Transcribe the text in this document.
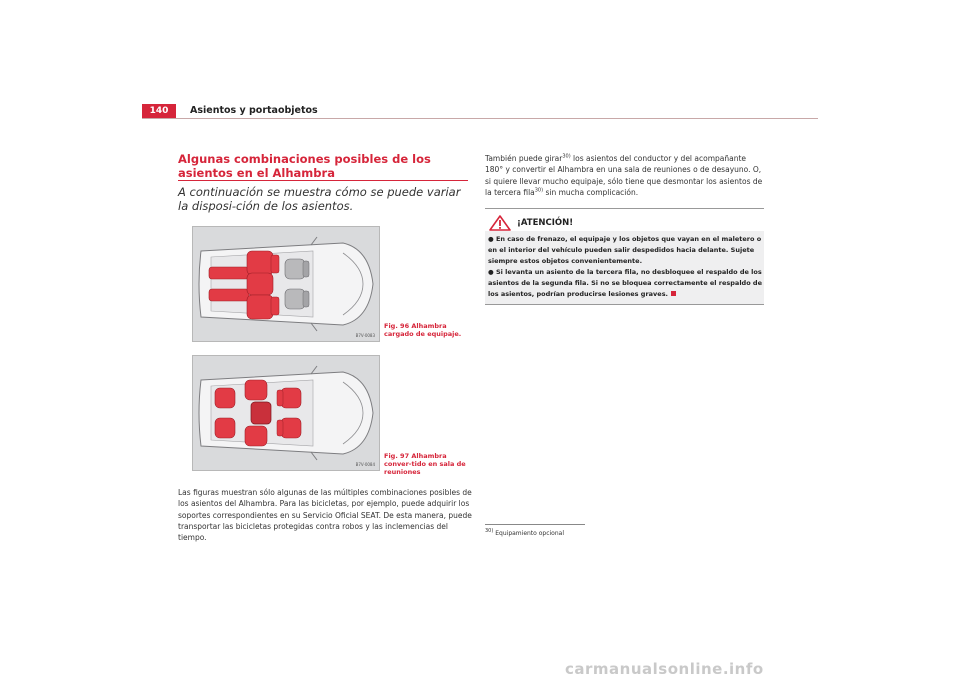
140	Asientos y portaobjetos
Algunas combinaciones posibles de los asientos en el Alhambra
A continuación se muestra cómo se puede variar la disposi-ción de los asientos.
B7V-0083
Fig. 96 Alhambra cargado de equipaje.
B7V-0084
Fig. 97 Alhambra conver-tido en sala de reuniones

Las figuras muestran sólo algunas de las múltiples combinaciones posibles de los asientos del Alhambra. Para las bicicletas, por ejemplo, puede adquirir los soportes correspondientes en su Servicio Oficial SEAT. De esta manera, puede transportar las bicicletas protegidas contra robos y las inclemencias del tiempo.

También puede girar$^{30)}$ los asientos del conductor y del acompañante 180° y convertir el Alhambra en una sala de reuniones o de desayuno. O, si quiere llevar mucho equipaje, sólo tiene que desmontar los asientos de la tercera fila$^{30)}$ sin mucha complicación.

¡ATENCIÓN!
● En caso de frenazo, el equipaje y los objetos que vayan en el maletero o en el interior del vehículo pueden salir despedidos hacia delante. Sujete siempre estos objetos convenientemente.
● Si levanta un asiento de la tercera fila, no desbloquee el respaldo de los asientos de la segunda fila. Si no se bloquea correctamente el respaldo de los asientos, podrían producirse lesiones graves.
$^{30)}$ Equipamiento opcional
carmanualsonline.info
